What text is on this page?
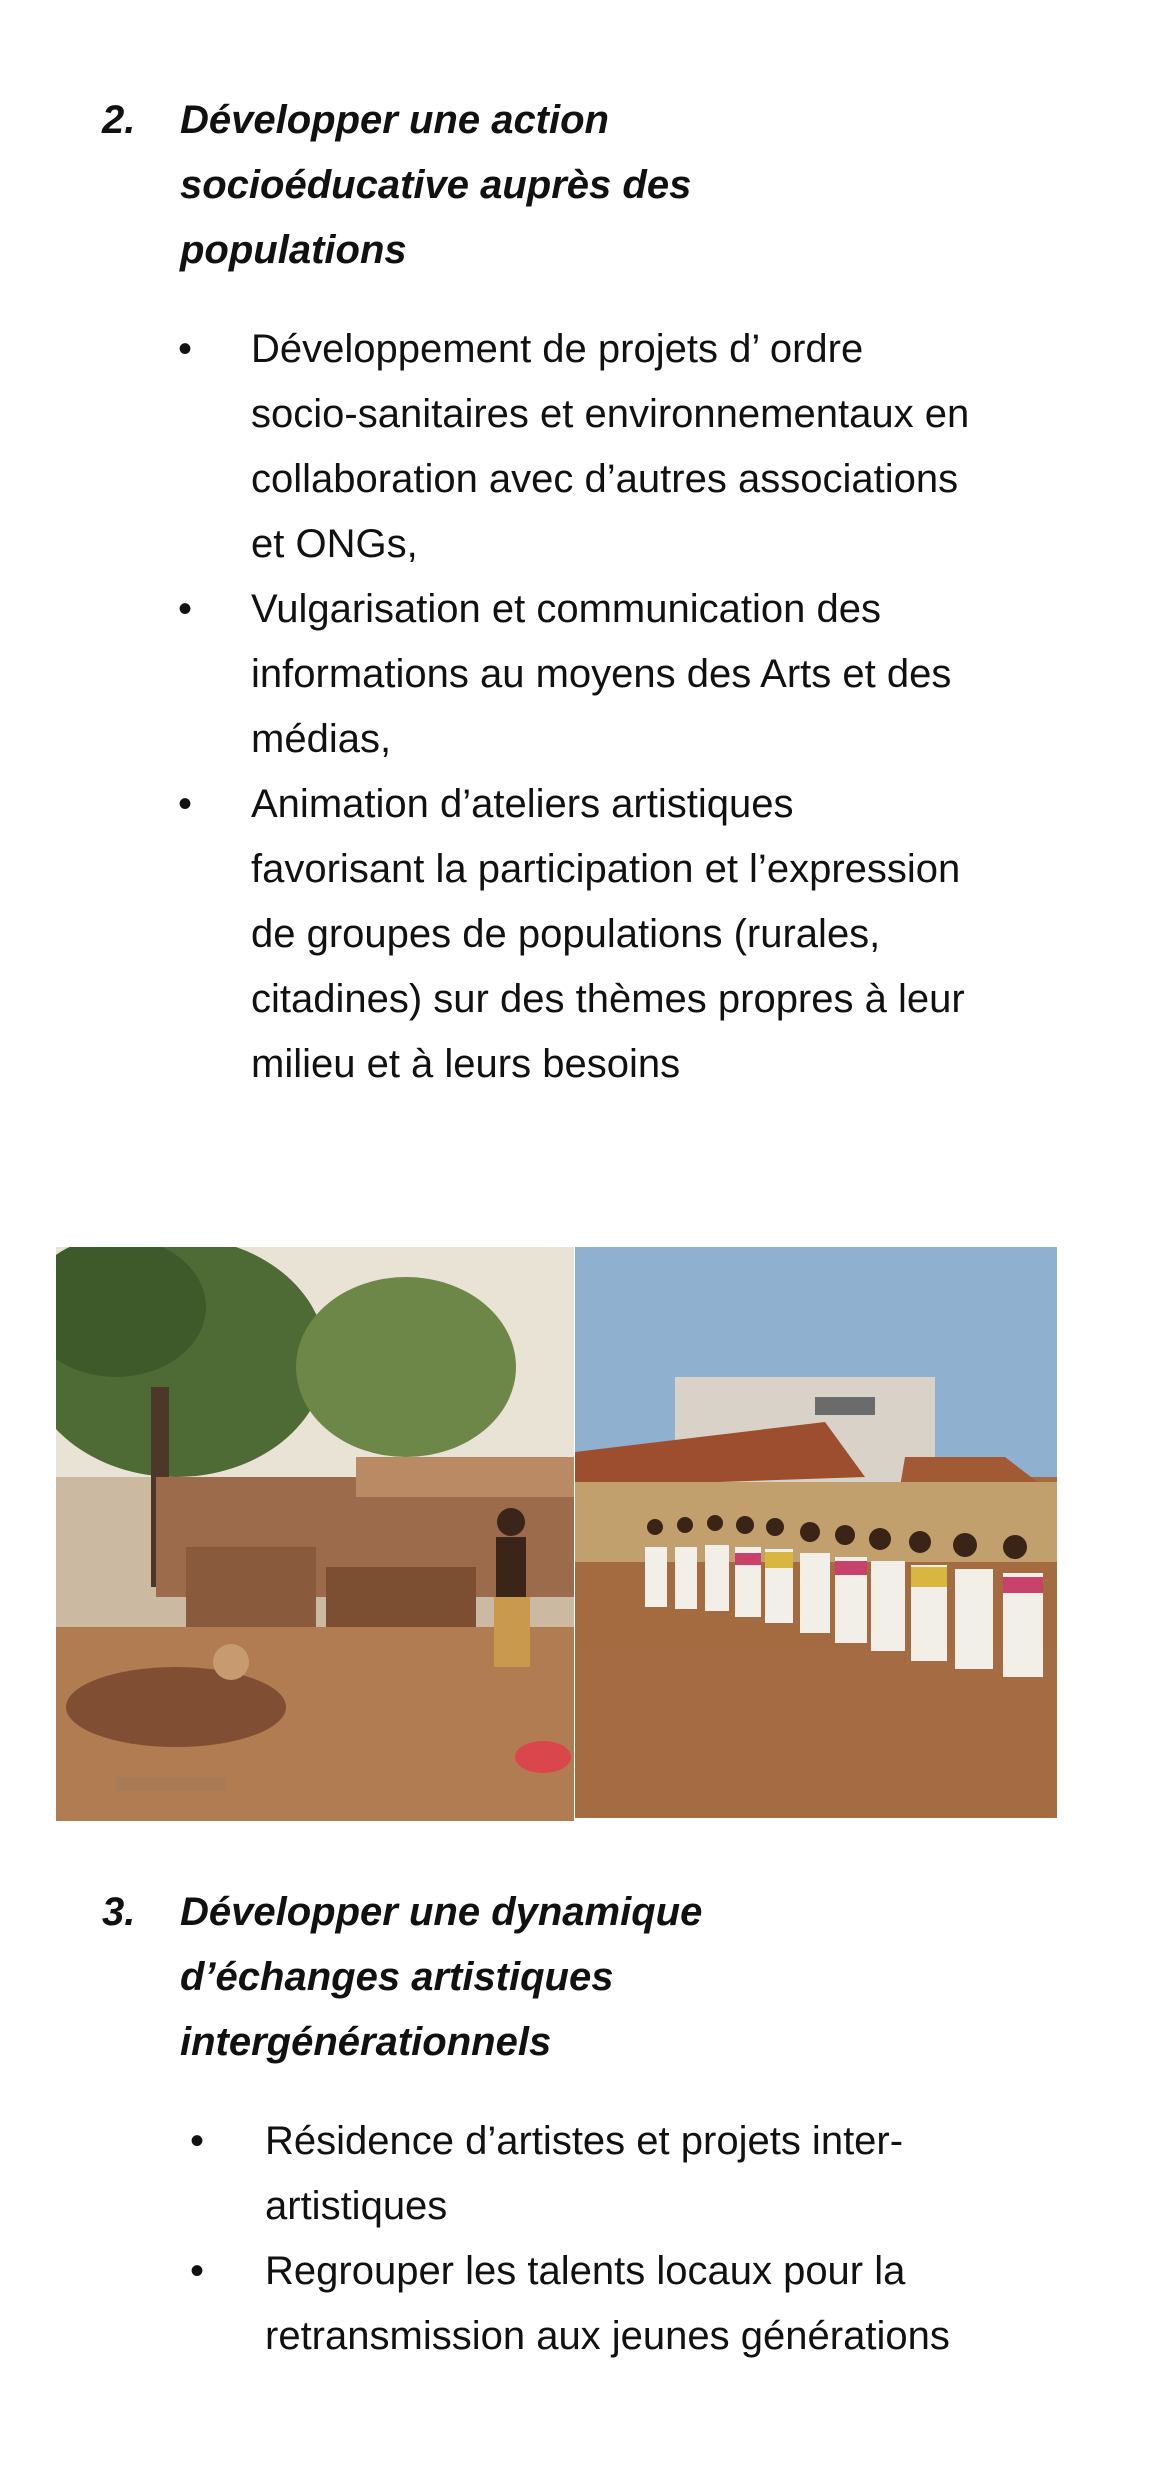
2. Développer une action socioéducative auprès des populations
• Développement de projets d’ ordre socio-sanitaires et environnementaux en collaboration avec d’autres associations et ONGs,
• Vulgarisation et communication des informations au moyens des Arts et des médias,
• Animation d’ateliers artistiques favorisant la participation et l’expression de groupes de populations (rurales, citadines) sur des thèmes propres à leur milieu et à leurs besoins
3. Développer une dynamique d’échanges artistiques intergénérationnels
• Résidence d’artistes et projets inter-artistiques
• Regrouper les talents locaux pour la retransmission aux jeunes générations
